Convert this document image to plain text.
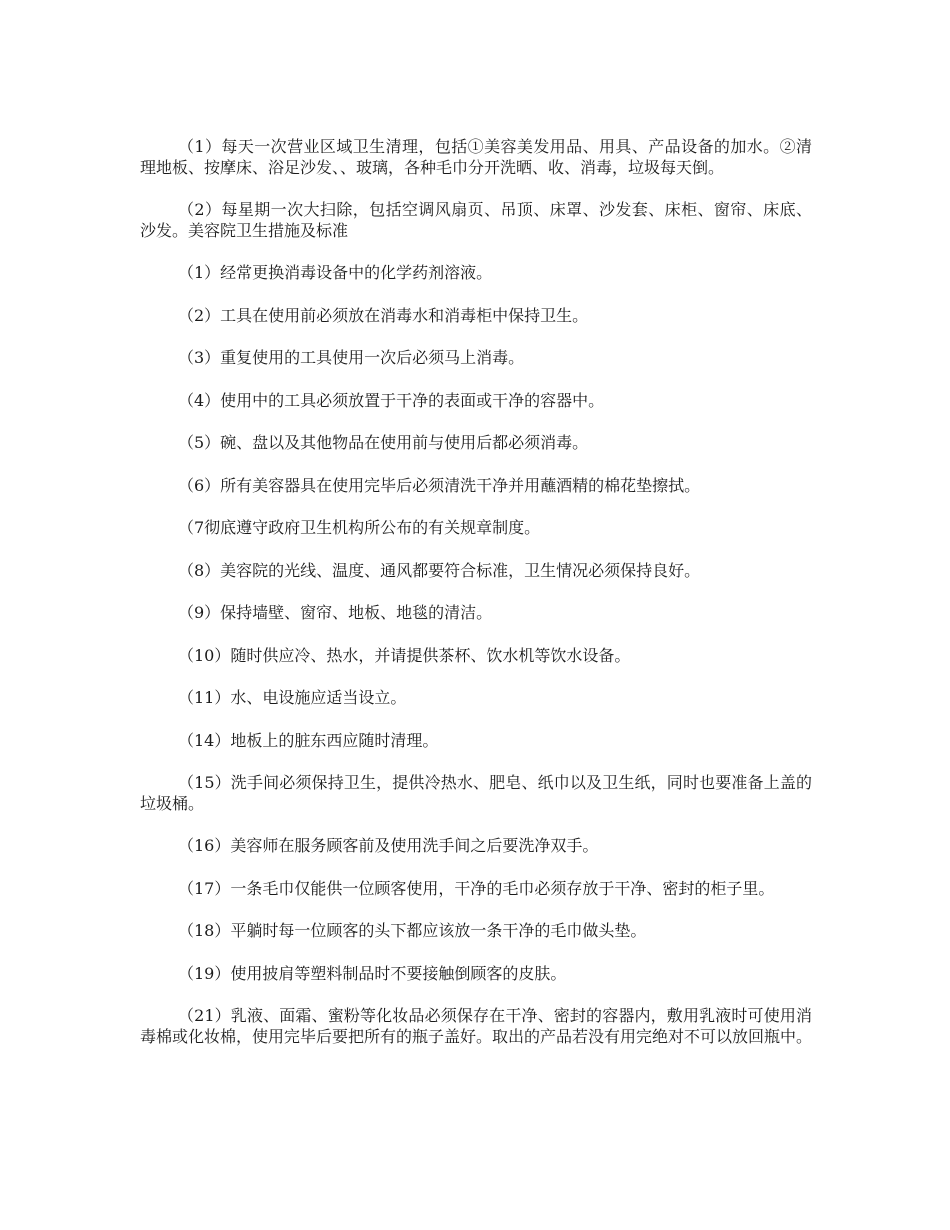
（1）每天一次营业区域卫生清理，包括①美容美发用品、用具、产品设备的加水。②清理地板、按摩床、浴足沙发、、玻璃，各种毛巾分开洗晒、收、消毒，垃圾每天倒。

（2）每星期一次大扫除，包括空调风扇页、吊顶、床罩、沙发套、床柜、窗帘、床底、沙发。美容院卫生措施及标准

（1）经常更换消毒设备中的化学药剂溶液。

（2）工具在使用前必须放在消毒水和消毒柜中保持卫生。

（3）重复使用的工具使用一次后必须马上消毒。

（4）使用中的工具必须放置于干净的表面或干净的容器中。

（5）碗、盘以及其他物品在使用前与使用后都必须消毒。

（6）所有美容器具在使用完毕后必须清洗干净并用蘸酒精的棉花垫擦拭。

（7彻底遵守政府卫生机构所公布的有关规章制度。

（8）美容院的光线、温度、通风都要符合标准，卫生情况必须保持良好。

（9）保持墙壁、窗帘、地板、地毯的清洁。

（10）随时供应冷、热水，并请提供茶杯、饮水机等饮水设备。

（11）水、电设施应适当设立。

（14）地板上的脏东西应随时清理。

（15）洗手间必须保持卫生，提供冷热水、肥皂、纸巾以及卫生纸，同时也要准备上盖的垃圾桶。

（16）美容师在服务顾客前及使用洗手间之后要洗净双手。

（17）一条毛巾仅能供一位顾客使用，干净的毛巾必须存放于干净、密封的柜子里。

（18）平躺时每一位顾客的头下都应该放一条干净的毛巾做头垫。

（19）使用披肩等塑料制品时不要接触倒顾客的皮肤。

（21）乳液、面霜、蜜粉等化妆品必须保存在干净、密封的容器内，敷用乳液时可使用消毒棉或化妆棉，使用完毕后要把所有的瓶子盖好。取出的产品若没有用完绝对不可以放回瓶中。
